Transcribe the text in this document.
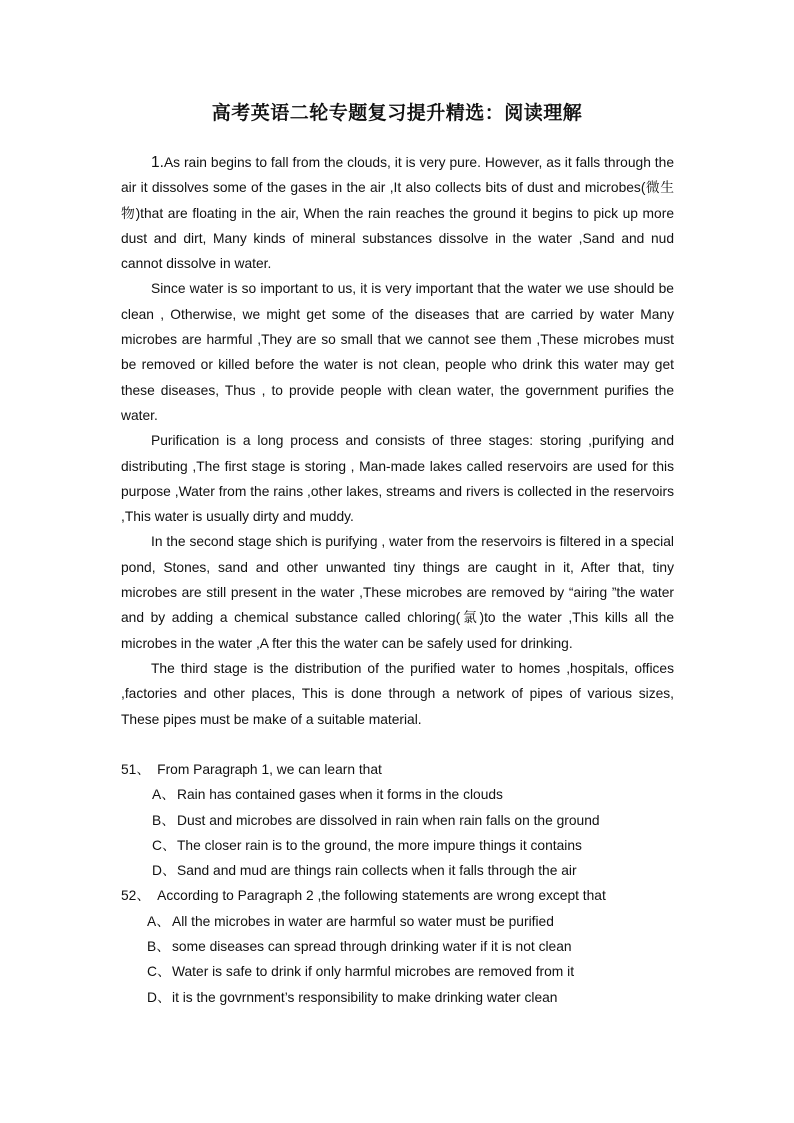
高考英语二轮专题复习提升精选：阅读理解

1.As rain begins to fall from the clouds, it is very pure. However, as it falls through the air it dissolves some of the gases in the air ,It also collects bits of dust and microbes(微生物)that are floating in the air, When the rain reaches the ground it begins to pick up more dust and dirt, Many kinds of mineral substances dissolve in the water ,Sand and nud cannot dissolve in water.

Since water is so important to us, it is very important that the water we use should be clean , Otherwise, we might get some of the diseases that are carried by water Many microbes are harmful ,They are so small that we cannot see them ,These microbes must be removed or killed before the water is not clean, people who drink this water may get these diseases, Thus , to provide people with clean water, the government purifies the water.

Purification is a long process and consists of three stages: storing ,purifying and distributing ,The first stage is storing , Man-made lakes called reservoirs are used for this purpose ,Water from the rains ,other lakes, streams and rivers is collected in the reservoirs ,This water is usually dirty and muddy.

In the second stage shich is purifying , water from the reservoirs is filtered in a special pond, Stones, sand and other unwanted tiny things are caught in it, After that, tiny microbes are still present in the water ,These microbes are removed by “airing ”the water and by adding a chemical substance called chloring(氯)to the water ,This kills all the microbes in the water ,A fter this the water can be safely used for drinking.

The third stage is the distribution of the purified water to homes ,hospitals, offices ,factories and other places, This is done through a network of pipes of various sizes, These pipes must be make of a suitable material.

51、 From Paragraph 1, we can learn that

A、 Rain has contained gases when it forms in the clouds

B、 Dust and microbes are dissolved in rain when rain falls on the ground

C、The closer rain is to the ground, the more impure things it contains

D、Sand and mud are things rain collects when it falls through the air

52、 According to Paragraph 2 ,the following statements are wrong except that

A、 All the microbes in water are harmful so water must be purified

B、 some diseases can spread through drinking water if it is not clean

C、Water is safe to drink if only harmful microbes are removed from it

D、it is the govrnment’s responsibility to make drinking water clean
